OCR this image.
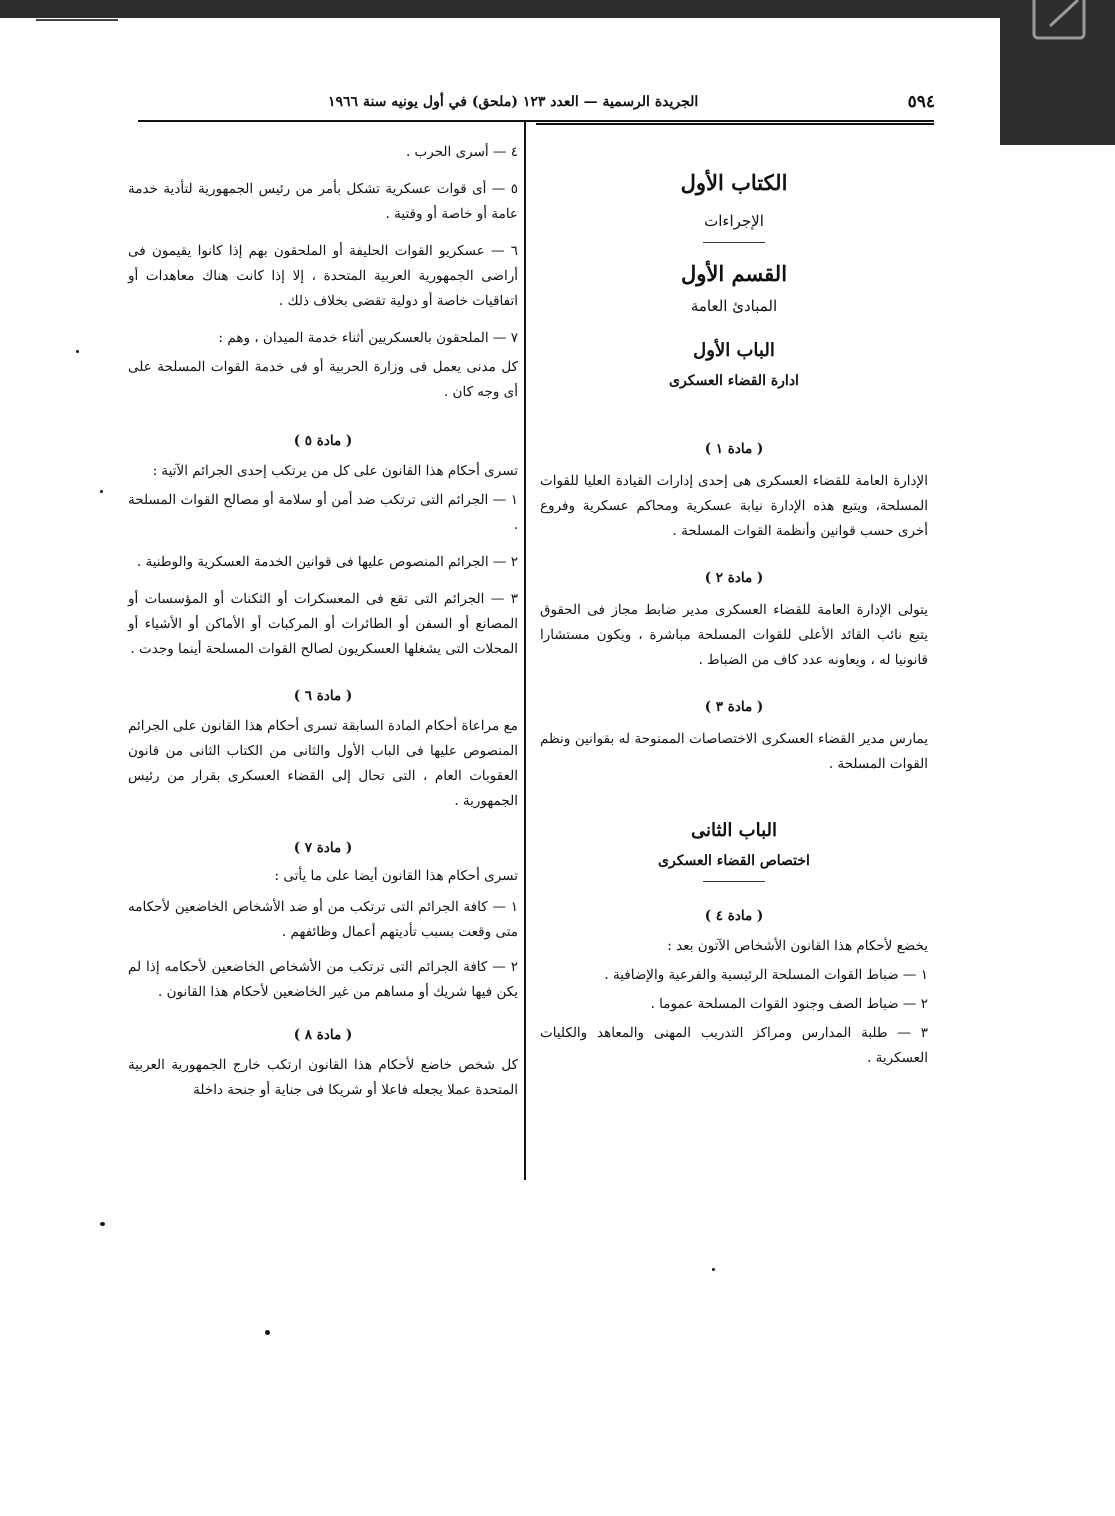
٥٩٤
الجريدة الرسمية — العدد ١٢٣ (ملحق) في أول يونيه سنة ١٩٦٦
الكتاب الأول
الإجراءات
القسم الأول
المبادئ العامة
الباب الأول
ادارة القضاء العسكرى
( مادة ١ )

الإدارة العامة للقضاء العسكرى هى إحدى إدارات القيادة العليا للقوات المسلحة، ويتبع هذه الإدارة نيابة عسكرية ومحاكم عسكرية وفروع أخرى حسب قوانين وأنظمة القوات المسلحة .

( مادة ٢ )

يتولى الإدارة العامة للقضاء العسكرى مدير ضابط مجاز فى الحقوق يتبع نائب القائد الأعلى للقوات المسلحة مباشرة ، ويكون مستشارا قانونيا له ، ويعاونه عدد كاف من الضباط .

( مادة ٣ )

يمارس مدير القضاء العسكرى الاختصاصات الممنوحة له بقوانين ونظم القوات المسلحة .

الباب الثانى
اختصاص القضاء العسكرى
( مادة ٤ )

يخضع لأحكام هذا القانون الأشخاص الآتون بعد :

١ — ضباط القوات المسلحة الرئيسية والفرعية والإضافية .

٢ — ضباط الصف وجنود القوات المسلحة عموما .

٣ — طلبة المدارس ومراكز التدريب المهنى والمعاهد والكليات العسكرية .

٤ — أسرى الحرب .

٥ — أى قوات عسكرية تشكل بأمر من رئيس الجمهورية لتأدية خدمة عامة أو خاصة أو وقتية .

٦ — عسكريو القوات الحليفة أو الملحقون بهم إذا كانوا يقيمون فى أراضى الجمهورية العربية المتحدة ، إلا إذا كانت هناك معاهدات أو اتفاقيات خاصة أو دولية تقضى بخلاف ذلك .

٧ — الملحقون بالعسكريين أثناء خدمة الميدان ، وهم :

كل مدنى يعمل فى وزارة الحربية أو فى خدمة القوات المسلحة على أى وجه كان .

( مادة ٥ )

تسرى أحكام هذا القانون على كل من يرتكب إحدى الجرائم الآتية :

١ — الجرائم التى ترتكب ضد أمن أو سلامة أو مصالح القوات المسلحة .

٢ — الجرائم المنصوص عليها فى قوانين الخدمة العسكرية والوطنية .

٣ — الجرائم التى تقع فى المعسكرات أو الثكنات أو المؤسسات أو المصانع أو السفن أو الطائرات أو المركبات أو الأماكن أو الأشياء أو المحلات التى يشغلها العسكريون لصالح القوات المسلحة أينما وجدت .

( مادة ٦ )

مع مراعاة أحكام المادة السابقة تسرى أحكام هذا القانون على الجرائم المنصوص عليها فى الباب الأول والثانى من الكتاب الثانى من قانون العقوبات العام ، التى تحال إلى القضاء العسكرى بقرار من رئيس الجمهورية .

( مادة ٧ )

تسرى أحكام هذا القانون أيضا على ما يأتى :

١ — كافة الجرائم التى ترتكب من أو ضد الأشخاص الخاضعين لأحكامه متى وقعت بسبب تأديتهم أعمال وظائفهم .

٢ — كافة الجرائم التى ترتكب من الأشخاص الخاضعين لأحكامه إذا لم يكن فيها شريك أو مساهم من غير الخاضعين لأحكام هذا القانون .

( مادة ٨ )

كل شخص خاضع لأحكام هذا القانون ارتكب خارج الجمهورية العربية المتحدة عملا يجعله فاعلا أو شريكا فى جناية أو جنحة داخلة
